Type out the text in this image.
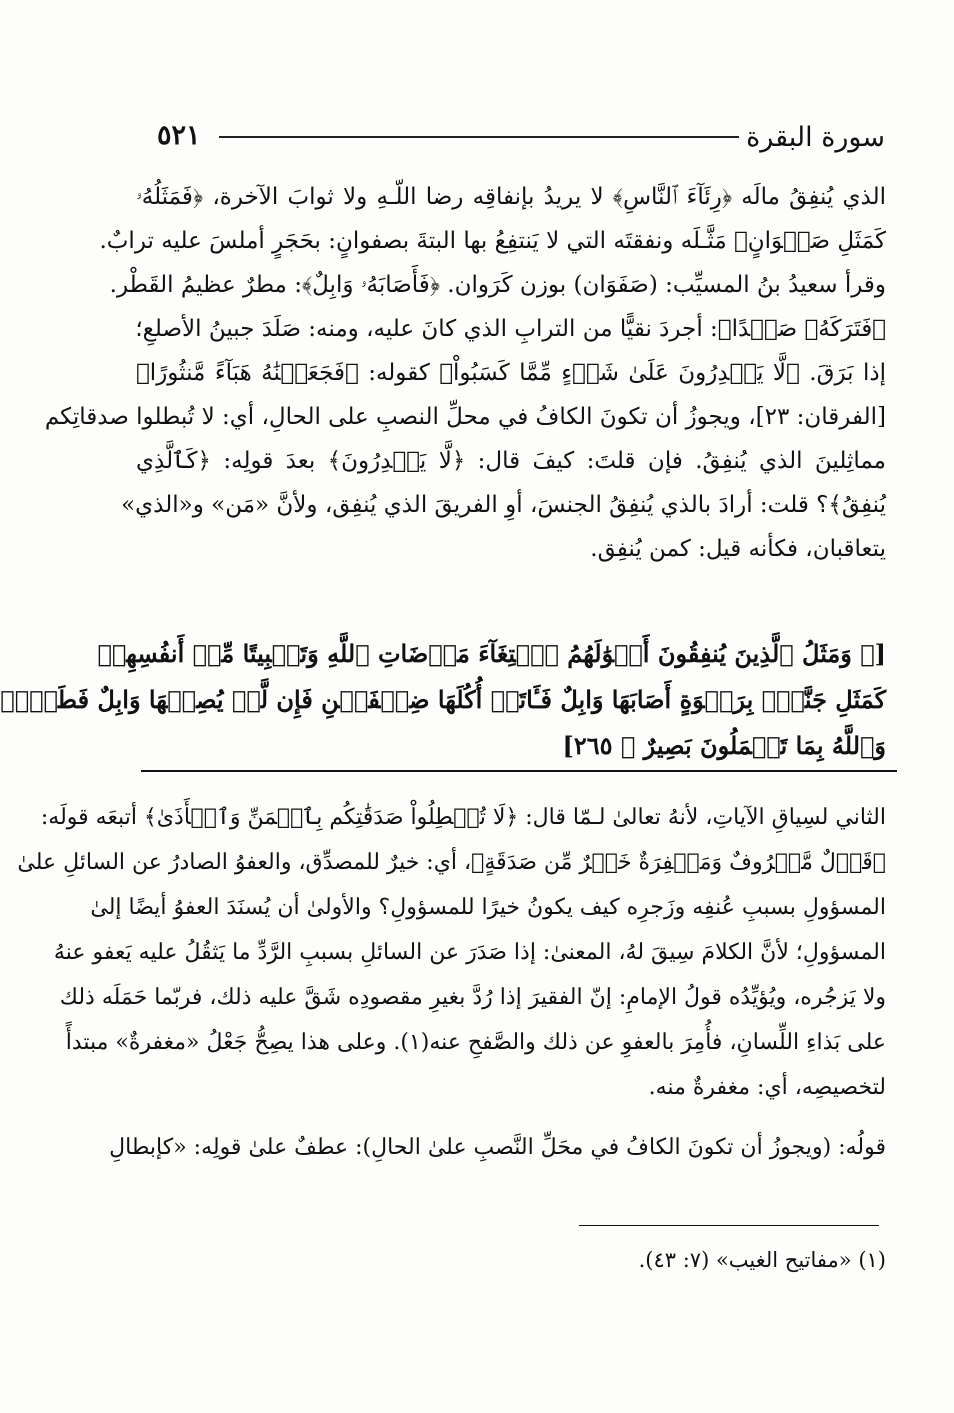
٥٢١	سورة البقرة
الذي يُنفِقُ مالَه ﴿رِئَآءَ ٱلنَّاسِ﴾ لا يريدُ بإنفاقِه رضا اللّـهِ ولا ثوابَ الآخرة، ﴿فَمَثَلُهُۥ
كَمَثَلِ صَفۡوَانٍ﴾ مَثَّـلَه ونفقتَه التي لا يَنتفِعُ بها البتةَ بصفوانٍ: بحَجَرٍ أملسَ عليه ترابٌ.
وقرأ سعيدُ بنُ المسيِّب: (صَفَوَان) بوزن كَرَوان. ﴿فَأَصَابَهُۥ وَابِلٌ﴾: مطرٌ عظيمُ القَطْر.
﴿فَتَرَكَهُۥ صَلۡدًا﴾: أجردَ نقيًّا من الترابِ الذي كانَ عليه، ومنه: صَلَدَ جبينُ الأصلعِ؛
إذا بَرَقَ. ﴿لَّا يَقۡدِرُونَ عَلَىٰ شَيۡءٍ مِّمَّا كَسَبُواْ﴾ كقوله: ﴿فَجَعَلۡنَٰهُ هَبَآءً مَّنثُورًا﴾
[الفرقان: ٢٣]، ويجوزُ أن تكونَ الكافُ في محلِّ النصبِ على الحالِ، أي: لا تُبطلوا صدقاتِكم
مماثِلينَ الذي يُنفِقُ. فإن قلتَ: كيفَ قال: ﴿لَّا يَقۡدِرُونَ﴾ بعدَ قولِه: ﴿كَٱلَّذِي
يُنفِقُ﴾؟ قلت: أرادَ بالذي يُنفِقُ الجنسَ، أوِ الفريقَ الذي يُنفِق، ولأنَّ «مَن» و«الذي»
يتعاقبان، فكأنه قيل: كمن يُنفِق.
[﴿ وَمَثَلُ ٱلَّذِينَ يُنفِقُونَ أَمۡوَٰلَهُمُ ٱبۡتِغَآءَ مَرۡضَاتِ ٱللَّهِ وَتَثۡبِيتًا مِّنۡ أَنفُسِهِمۡ
كَمَثَلِ جَنَّةِۭ بِرَبۡوَةٍ أَصَابَهَا وَابِلٌ فَـَٔاتَتۡ أُكُلَهَا ضِعۡفَيۡنِ فَإِن لَّمۡ يُصِبۡهَا وَابِلٌ فَطَلٌّۗ
وَٱللَّهُ بِمَا تَعۡمَلُونَ بَصِيرٌ ﴾ ٢٦٥]
الثاني لسِياقِ الآياتِ، لأنهُ تعالىٰ لـمّا قال: ﴿لَا تُبۡطِلُواْ صَدَقَٰتِكُم بِٱلۡمَنِّ وَٱلۡأَذَىٰ﴾ أتبعَه قولَه:
﴿قَوۡلٌ مَّعۡرُوفٌ وَمَغۡفِرَةٌ خَيۡرٌ مِّن صَدَقَةٍ﴾، أي: خيرٌ للمصدِّق، والعفوُ الصادرُ عن السائلِ علىٰ
المسؤولِ بسببِ عُنفِه وزَجرِه كيف يكونُ خيرًا للمسؤولِ؟ والأولىٰ أن يُسنَدَ العفوُ أيضًا إلىٰ
المسؤولِ؛ لأنَّ الكلامَ سِيقَ لهُ، المعنىٰ: إذا صَدَرَ عن السائلِ بسببِ الرَّدِّ ما يَثقُلُ عليه يَعفو عنهُ
ولا يَزجُره، ويُؤيِّدُه قولُ الإمامِ: إنّ الفقيرَ إذا رُدَّ بغيرِ مقصودِه شَقَّ عليه ذلك، فربّما حَمَلَه ذلك
على بَذاءِ اللِّسانِ، فأُمِرَ بالعفوِ عن ذلك والصَّفحِ عنه(١). وعلى هذا يصِحُّ جَعْلُ «مغفرةٌ» مبتدأً
لتخصيصِه، أي: مغفرةٌ منه.
قولُه: (ويجوزُ أن تكونَ الكافُ في محَلِّ النَّصبِ علىٰ الحالِ): عطفٌ علىٰ قولِه: «كإبطالِ
(١) «مفاتيح الغيب» (٧: ٤٣).
